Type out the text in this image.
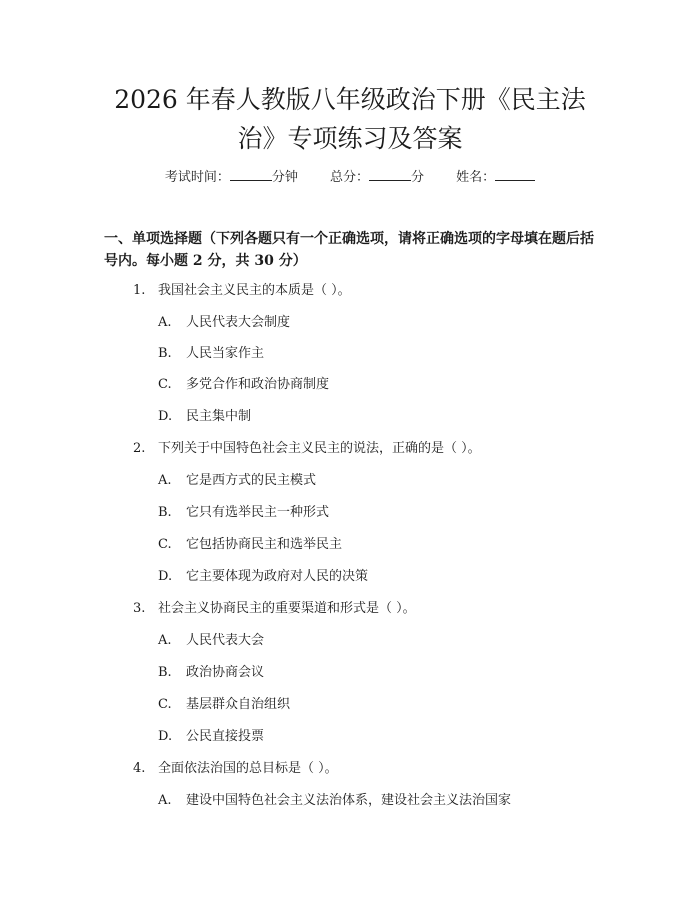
2026 年春人教版八年级政治下册《民主法
治》专项练习及答案
考试时间：	分钟 总分：	分 姓名：

一、单项选择题（下列各题只有一个正确选项，请将正确选项的字母填在题后括号内。每小题 2 分，共 30 分）

1. 我国社会主义民主的本质是（ ）。
A. 人民代表大会制度
B. 人民当家作主
C. 多党合作和政治协商制度
D. 民主集中制
2. 下列关于中国特色社会主义民主的说法，正确的是（ ）。
A. 它是西方式的民主模式
B. 它只有选举民主一种形式
C. 它包括协商民主和选举民主
D. 它主要体现为政府对人民的决策
3. 社会主义协商民主的重要渠道和形式是（ ）。
A. 人民代表大会
B. 政治协商会议
C. 基层群众自治组织
D. 公民直接投票
4. 全面依法治国的总目标是（ ）。
A. 建设中国特色社会主义法治体系，建设社会主义法治国家
